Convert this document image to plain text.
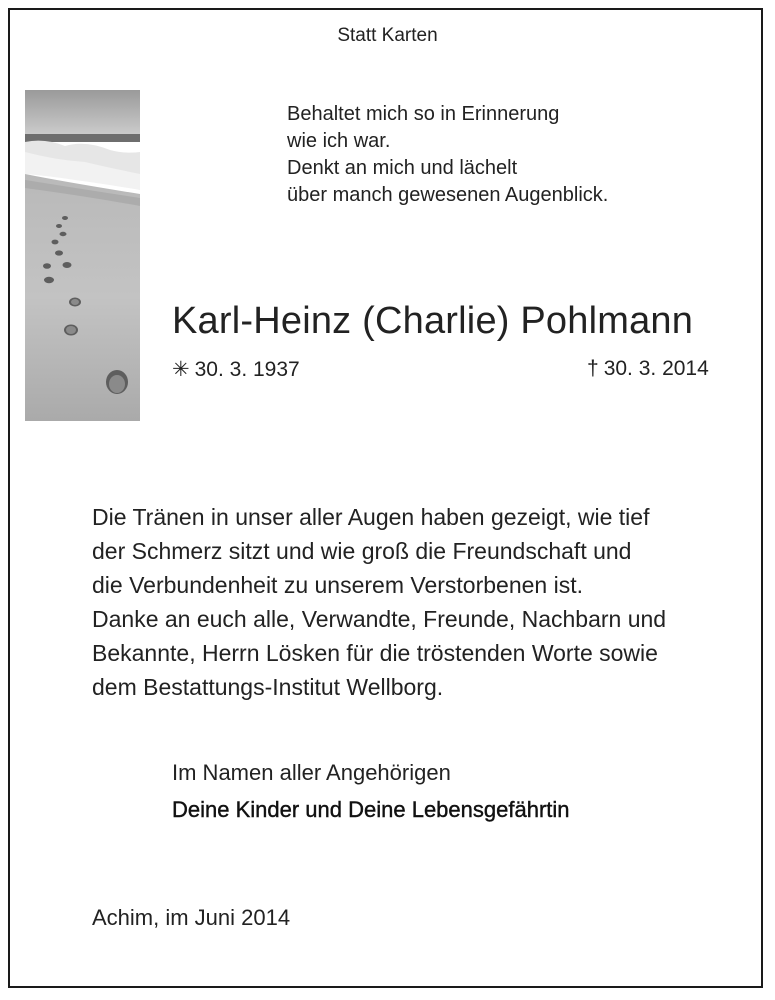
Statt Karten
Behaltet mich so in Erinnerung
wie ich war.
Denkt an mich und lächelt
über manch gewesenen Augenblick.
Karl-Heinz (Charlie) Pohlmann
✳ 30. 3. 1937	† 30. 3. 2014
Die Tränen in unser aller Augen haben gezeigt, wie tief
der Schmerz sitzt und wie groß die Freundschaft und
die Verbundenheit zu unserem Verstorbenen ist.
Danke an euch alle, Verwandte, Freunde, Nachbarn und
Bekannte, Herrn Lösken für die tröstenden Worte sowie
dem Bestattungs-Institut Wellborg.
Im Namen aller Angehörigen
Deine Kinder und Deine Lebensgefährtin
Achim, im Juni 2014
